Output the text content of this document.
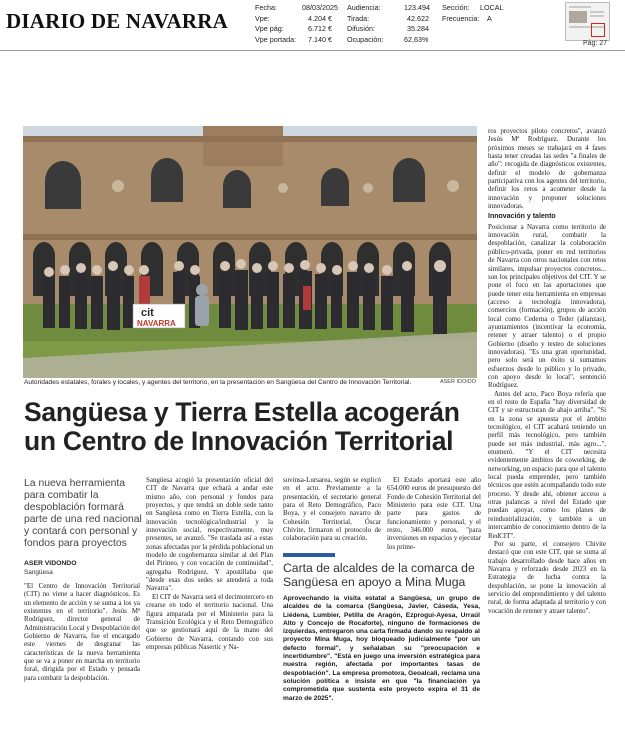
DIARIO DE NAVARRA
Fecha:	08/03/2025
Vpe:	4.204 €
Vpe pág:	6.712 €
Vpe portada: 7.140 €
Audiencia:	123.494
Tirada:	42.622
Difusión:	35.284
Ocupación:	62,63%
Sección: LOCAL
Frecuencia: A
Pág: 27
cit
NAVARRA
Autoridades estatales, forales y locales, y agentes del territorio, en la presentación en Sangüesa del Centro de Innovación Territorial.	ASER IDOIDO
Sangüesa y Tierra Estella acogerán un Centro de Innovación Territorial
La nueva herramienta para combatir la despoblación formará parte de una red nacional y contará con personal y fondos para proyectos
ASER VIDONDO
Sangüesa

"El Centro de Innovación Territorial (CIT) no viene a hacer diagnósticos. Es un elemento de acción y se suma a los ya existentes en el territorio". Jesús Mª Rodríguez, director general de Administración Local y Despoblación del Gobierno de Navarra, fue el encargado este viernes de desgranar las características de la nueva herramienta que se va a poner en marcha en territorio foral, dirigida por el Estado y pensada para combatir la despoblación.

Sangüesa acogió la presentación oficial del CIT de Navarra que echará a andar este mismo año, con personal y fondos para proyectos, y que tendrá un doble sede tanto en Sangüesa como en Tierra Estella, con la innovación tecnológica/industrial y la innovación social, respectivamente, muy presentes, se avanzó. "Se traslada así a estas zonas afectadas por la pérdida poblacional un modelo de cogobernanza similar al del Plan del Pirineo, y con vocación de continuidad", agregaba Rodríguez. Y apostillaba que "desde esas dos sedes se atenderá a toda Navarra".

El CIT de Navarra será el decimotercero en crearse en todo el territorio nacional. Una figura amparada por el Ministerio para la Transición Ecológica y el Reto Demográfico que se gestionará aquí de la mano del Gobierno de Navarra, contando con sus empresas públicas Nasertic y Na-

suvinsa-Lursarea, según se explicó en el acto. Previamente a la presentación, el secretario general para el Reto Demográfico, Paco Boya, y el consejero navarro de Cohesión Territorial, Óscar Chivite, firmaron el protocolo de colaboración para su creación.

El Estado aportará este año 654.000 euros de presupuesto del Fondo de Cohesión Territorial del Ministerio para este CIT. Una parte para gastos de funcionamiento y personal, y el resto, 346.000 euros, "para inversiones en espacios y ejecutar los prime-

Carta de alcaldes de la comarca de Sangüesa en apoyo a Mina Muga
Aprovechando la visita estatal a Sangüesa, un grupo de alcaldes de la comarca (Sangüesa, Javier, Cáseda, Yesa, Liédena, Lumbier, Petilla de Aragón, Ezprogui-Ayesa, Urraúl Alto y Concejo de Rocaforte), ninguno de formaciones de izquierdas, entregaron una carta firmada dando su respaldo al proyecto Mina Muga, hoy bloqueado judicialmente "por un defecto formal", y señalaban su "preocupación e incertidumbre". "Está en juego una inversión estratégica para nuestra región, afectada por importantes tasas de despoblación". La empresa promotora, Geoalcali, reclama una solución política e insiste en que "la financiación ya comprometida que sustenta este proyecto expira el 31 de marzo de 2025".

ros proyectos piloto concretos", avanzó Jesús Mª Rodríguez. Durante los próximos meses se trabajará en 4 fases hasta tener creadas las sedes "a finales de año": recogida de diagnósticos existentes, definir el modelo de gobernanza participativa con los agentes del territorio, definir los retos a acometer desde la innovación y proponer soluciones innovadoras.

Innovación y talento

Posicionar a Navarra como territorio de innovación rural, combatir la despoblación, canalizar la colaboración público-privada, poner en red territorios de Navarra con otros nacionales con retos similares, impulsar proyectos concretos... son los principales objetivos del CIT. Y se pone el foco en las aportaciones que puede tener esta herramienta en empresas (acceso a tecnología innovadora), comercios (formación), grupos de acción local como Cederna o Teder (alianzas), ayuntamientos (incentivar la economía, retener y atraer talento) o el propio Gobierno (diseño y testeo de soluciones innovadoras). "Es una gran oportunidad, pero solo será un éxito si sumamos esfuerzos desde lo público y lo privado, con apoyo desde lo local", sentenció Rodríguez.

Antes del acto, Paco Boya refería que en el resto de España "hay diversidad de CIT y se estructuran de abajo arriba". "Si en la zona se apuesta por el ámbito tecnológico, el CIT acabará teniendo un perfil más tecnológico, pero también puede ser más industrial, más agro...", enumeró. "Y el CIT necesita evidentemente ámbitos de coworking, de networking, un espacio para que el talento local pueda emprender, pero también técnicos que estén acompañando todo este proceso. Y desde ahí, obtener acceso a otras palancas a nivel del Estado que puedan apoyar, como los planes de reindustrialización, y también a un intercambio de conocimiento dentro de la RedCIT".

Por su parte, el consejero Chivite destacó que con este CIT, que se suma al trabajo desarrollado desde hace años en Navarra y reforzado desde 2023 en la Estrategia de lucha contra la despoblación, se pone la innovación al servicio del emprendimiento y del talento rural, de forma adaptada al territorio y con vocación de retener y atraer talento".
